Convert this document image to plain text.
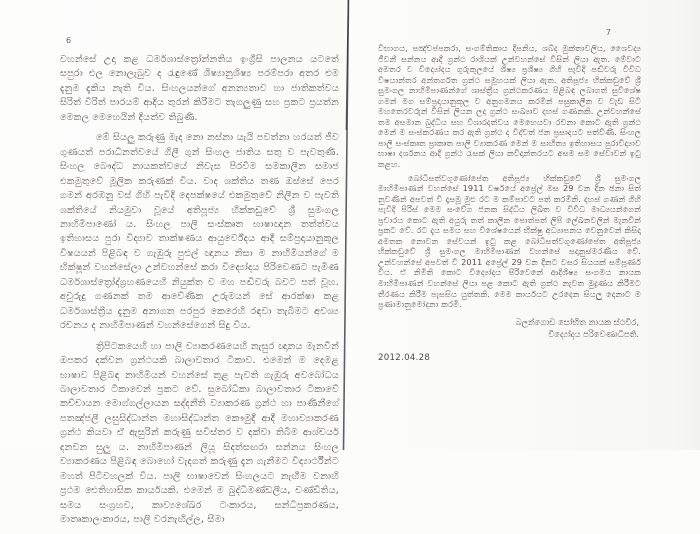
6

වහන්සේ උදා කළ ධර්මශාස්ත්‍රෝන්නතිය ඉංග්‍රීසි පාලනය යටතේ සපුරා එල නොලැබුව ද රැඳුණේ ශිෂ්‍යානුශිෂ්‍ය පරම්පරා අතර එම දැනුම දැකිය නැති විය. සිංහලයන්ගේ අනන්‍යතාව හා ජාතිකත්වය සිරිත් විරිත් පාරයම් ආදිය තුරන් කිරීමට තැගලුණු සහ ප්‍රකට ප්‍රයත්න මෙකල මෙහෙයින් දියත්ව තිබුණි.

මේ සියලු කරුණු මැද නො නස්නා යැයි පවත්නා හරයත් ජීව ගුණයත් පරාධීනත්වයේ ගිලී ගුන් සිංහල ජාතිය සතු ව පැවතුණි. සිංහල බෞද්ධ නායකත්වයේ නිවැස පිරවීම සමකාලීන සමාජ එකමුතුවේ මූලික කරුණක් විය. වාද ශක්තිය තණ ඔස්සේ පෙර ගමන් අරඹනු වස් ගිහි පැවිදි දෙපක්ෂයේ එකමුතුවේ නිලීන ව පැවති ශක්තියේ නියමුවා වූයේ අතිපූජ්‍ය හික්කඩුවේ ශ්‍රී සුමංගල නාහිමිපාණෝ ය. සිංහල පාලි සංස්කෘත භාෂාඥාන තත්ත්වය ඉතිහාසය පුරා විද්‍යාව තාක්ෂණය ආයුර්වේදය ආදී සම්ප්‍රදායානුකූල විෂයයන් පිළිබඳ ව ගැඹුරු පුළුල් ඥානය නිසා ම නාහිමියන්ගේ ම භික්ෂූන් වහන්සේලා උන්වහන්සේ කරා විද්‍යෝදය පිරිවෙණට පැමිණ ධර්මශාස්ත්‍රෝද්ග්‍රහණයෙහි නියුක්ත ව මහ පඬිවරු බවට පත් වූහ. අවුරුදු ගණනක් තම ආවේණික උරුමයන් සේ ආරක්ෂා කළ ධර්මශාස්ත්‍රීය දැනුම අනාගත පරපුර කෙරෙහි රඳවා තැබීමට අවශ්‍ය රචනය ද නාහිමිපාණන් වහන්සේගෙන් සිදු විය.

ත්‍රිපිටකයෙහි හා පාලි ව්‍යාකරණයෙහි නැසුර ඥානය මැනවින් ඔපකර දක්වන ග්‍රන්ථයකි බාලාවතාර ටීකාව. එමෙන් ම දෙමළ භාෂාව පිළිබඳ නාහිමියන් වහන්සේ තුළ පැවති ගැඹුරු අවබෝධය බාලාවතාර ටීකාවෙන් ප්‍රකට වේ. සුබෝධිකා බාලාවතාර ටීකාවේ කච්චායන මොග්ගල්ලායන සද්දනීති ව්‍යාකරණ ග්‍රන්ථ හා පාණිනීගේ පතඤ්ජලී ලඝුසිද්ධාන්ත මහාසිද්ධාන්ත කෞමුදී ආදී මහාව්‍යාකරණ ග්‍රන්ථ කියවා ඒ ඇසුරින් කරුණු සවිස්තර ව දක්වා තිබීම ආශ්චර්ය දනවන සුලු ය. නාහිමිපාණන් ලියූ සිදත්සඟරා සන්නය සිංහල ව්‍යාකරණය පිළිබඳ බොහෝ වැදගත් කරුණු දැන ගැනීමට විද්‍යාර්ථීන්ට මහත් පිටිවහලක් විය. පාලි භාෂාවෙන් සිංහලයට නැඟීම වනාහි ප්‍රථම ඓතිහාසික කාර්යයකි. එමෙන් ම බුද්ධිමණ්ඩලීය, චණ්ඩිතිය, සමය සංග්‍රහව, කාව්‍යශේඛර ටංකාරය, සන්ධිප්‍රකරණය, මාතෘකාලංකාරය, පාලි වරනැඟිල්ල, සීමා

7

විභාගය, පඤ්චප්පකරා, සංගම්තිකාය දීපනිය, ශබ්ද මුක්තාවලිය, ශෛවද්‍ය ජීවනී සන්නය ආදී ග්‍රන්ථ රාශියක් උන්වහන්සේ විසින් ලියා ඇත. මේවාට අමතර ව විද්‍යෝදය ගුරුකුලයේ ශිෂ්‍ය ප්‍රශිෂ්‍ය ගිහි පැවිදි පඬිවරු විවිධ විෂයාන්තර අන්තර්ගත ග්‍රන්ථ සමූහයක් ලියා ඇත. අතිපූජ්‍ය හික්කඩුවේ ශ්‍රී සුමංගල නාහිමිපාණන්ගේ ශාස්ත්‍රීය ග්‍රන්ථකරණය පිළිබඳ ලබාගත් සුවිශේෂ ගමන් මග සම්ප්‍රදායානුකූල ව අනුගමනය කරමින් පසුකාලීන ව වැඩ සිටි මහතෙරවරුන් විසින් ලියන ලද ග්‍රන්ථ සංඛ්‍යාව දහස් ගණනකි. උන්වහන්සේ තම අසමාන බුද්ධිය සහ විශාරදත්වය මෙහෙයවා රචනා කොට ඇති ග්‍රන්ථ මෙන් ම සංස්කරණය කර ඇති ග්‍රන්ථ ද විද්වත් ජන ප්‍රසාදයට පත්විණි. සිංහල පාලි සංස්කෘත ප්‍රාකෘත පාලි ව්‍යාකරණ මෙන් ම සාහිත්‍ය ඉතිහාසය පුරාවිද්‍යාව භාෂා දර්ශනය ආදී ග්‍රන්ථ රැසක් ලියා කවිදාන්තරයට අසම සම සේවාවන් ඉටු කළහ.

බෝධිසත්වගුණෝපේත අතිපූජ්‍ය හික්කඩුවේ ශ්‍රී සුමංගල මාහිමිපාණන් වහන්සේ 1911 වර්ෂයේ අප්‍රේල් මස 29 වන දින ඡනා සිත් නුවණින් අපවත් වී දෑසමූ මුළු රට ම කම්පාවට පත් කරමිනි. දහස් ගණන් ගිහි පැවිදි පිරිස් මෙම සංවේග ජනක සිද්ධිය ලිඛිත ව විවිධ මාධ්‍යයන්ගෙන් ප්‍රචාරය කොට ඇති අයුරු තත් කාලීන පොත්පත් ලිපි ලේඛනවලින් මැනවින් ප්‍රකට වේ. රට දැය සමය සහ විශේෂයෙන් භික්ෂු අධ්‍යාපනය වෙනුවෙන් කිසිදා අමතක නොවන සේවයන් ඉටු කළ බෝධිසත්වගුණෝපේත අතිපූජ්‍ය හික්කඩුවේ ශ්‍රී සුමංගල මාහිමිපාණන් වහන්සේ සදානුස්මරණීය වේ. උන්වහන්සේ අපවත් වී 2011 අප්‍රේල් 29 වන දිනට වසර සියයක් සම්පූර්ණ විය. ඒ නිමිති කොට විද්‍යෝදය පිරිවෙනේ ආදිශිෂ්‍ය සංගමය නායක මාහිමිපාණන් වහන්සේ ලියා පළ කොට ඇති ග්‍රන්ථ නැවත මුද්‍රණය කිරීමට තීරණය කිරීම පැසසිය යුත්තකි. මෙම කාර්යයට උරදෙන සියලු දෙනාට ම ප්‍රණාමානුමෝදනා කරමි.

බලන්ගොඩ සෝභිත නායක ස්ථවිර,
විද්‍යෝදය පරිවෙණාධිපති.
2012.04.28
